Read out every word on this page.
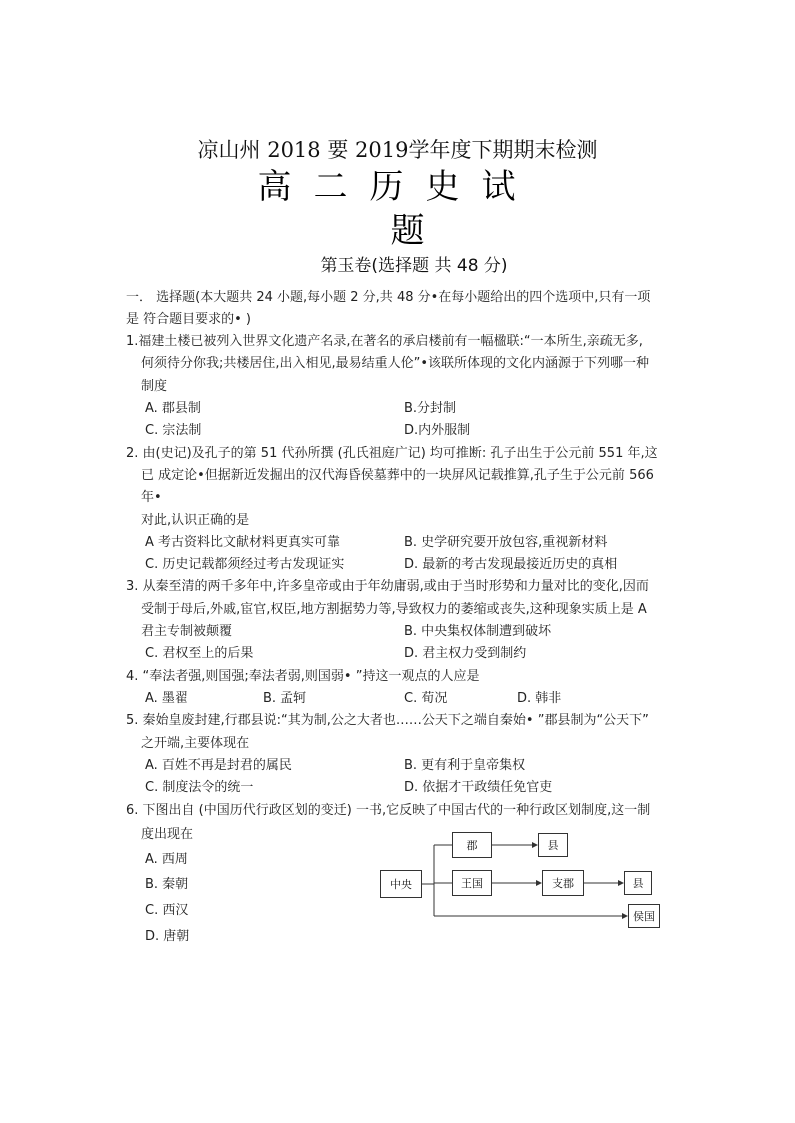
凉山州 2018 要 2019学年度下期期末检测
高二历史试
题
第玉卷(选择题 共 48 分)
一． 选择题(本大题共 24 小题,每小题 2 分,共 48 分•在每小题给出的四个选项中,只有一项
是 符合题目要求的• )
1.福建土楼已被列入世界文化遗产名录,在著名的承启楼前有一幅楹联:“一本所生,亲疏无多,
何须待分你我;共楼居住,出入相见,最易结重人伦”•该联所体现的文化内涵源于下列哪一种
制度
A. 郡县制	B.分封制
C. 宗法制	D.内外服制
2. 由(史记)及孔子的第 51 代孙所撰 (孔氏祖庭广记) 均可推断: 孔子出生于公元前 551 年,这
已 成定论•但据新近发掘出的汉代海昏侯墓葬中的一块屏风记载推算,孔子生于公元前 566
年•
对此,认识正确的是
A 考古资料比文献材料更真实可靠	B. 史学研究要开放包容,重视新材料
C. 历史记载都须经过考古发现证实	D. 最新的考古发现最接近历史的真相
3. 从秦至清的两千多年中,许多皇帝或由于年幼庸弱,或由于当时形势和力量对比的变化,因而
受制于母后,外戚,宦官,权臣,地方割据势力等,导致权力的萎缩或丧失,这种现象实质上是 A
君主专制被颠覆	B. 中央集权体制遭到破坏
C. 君权至上的后果	D. 君主权力受到制约
4. “奉法者强,则国强;奉法者弱,则国弱• ”持这一观点的人应是
A. 墨翟	B. 孟轲	C. 荀况	D. 韩非
5. 秦始皇废封建,行郡县说:“其为制,公之大者也……公天下之端自秦始• ”郡县制为“公天下”
之开端,主要体现在
A. 百姓不再是封君的属民	B. 更有利于皇帝集权
C. 制度法令的统一	D. 依据才干政绩任免官吏
6. 下图出自 (中国历代行政区划的变迁) 一书,它反映了中国古代的一种行政区划制度,这一制
度出现在
A. 西周
B. 秦朝
C. 西汉
D. 唐朝
中央
郡	县
王国	支郡	县
侯国
